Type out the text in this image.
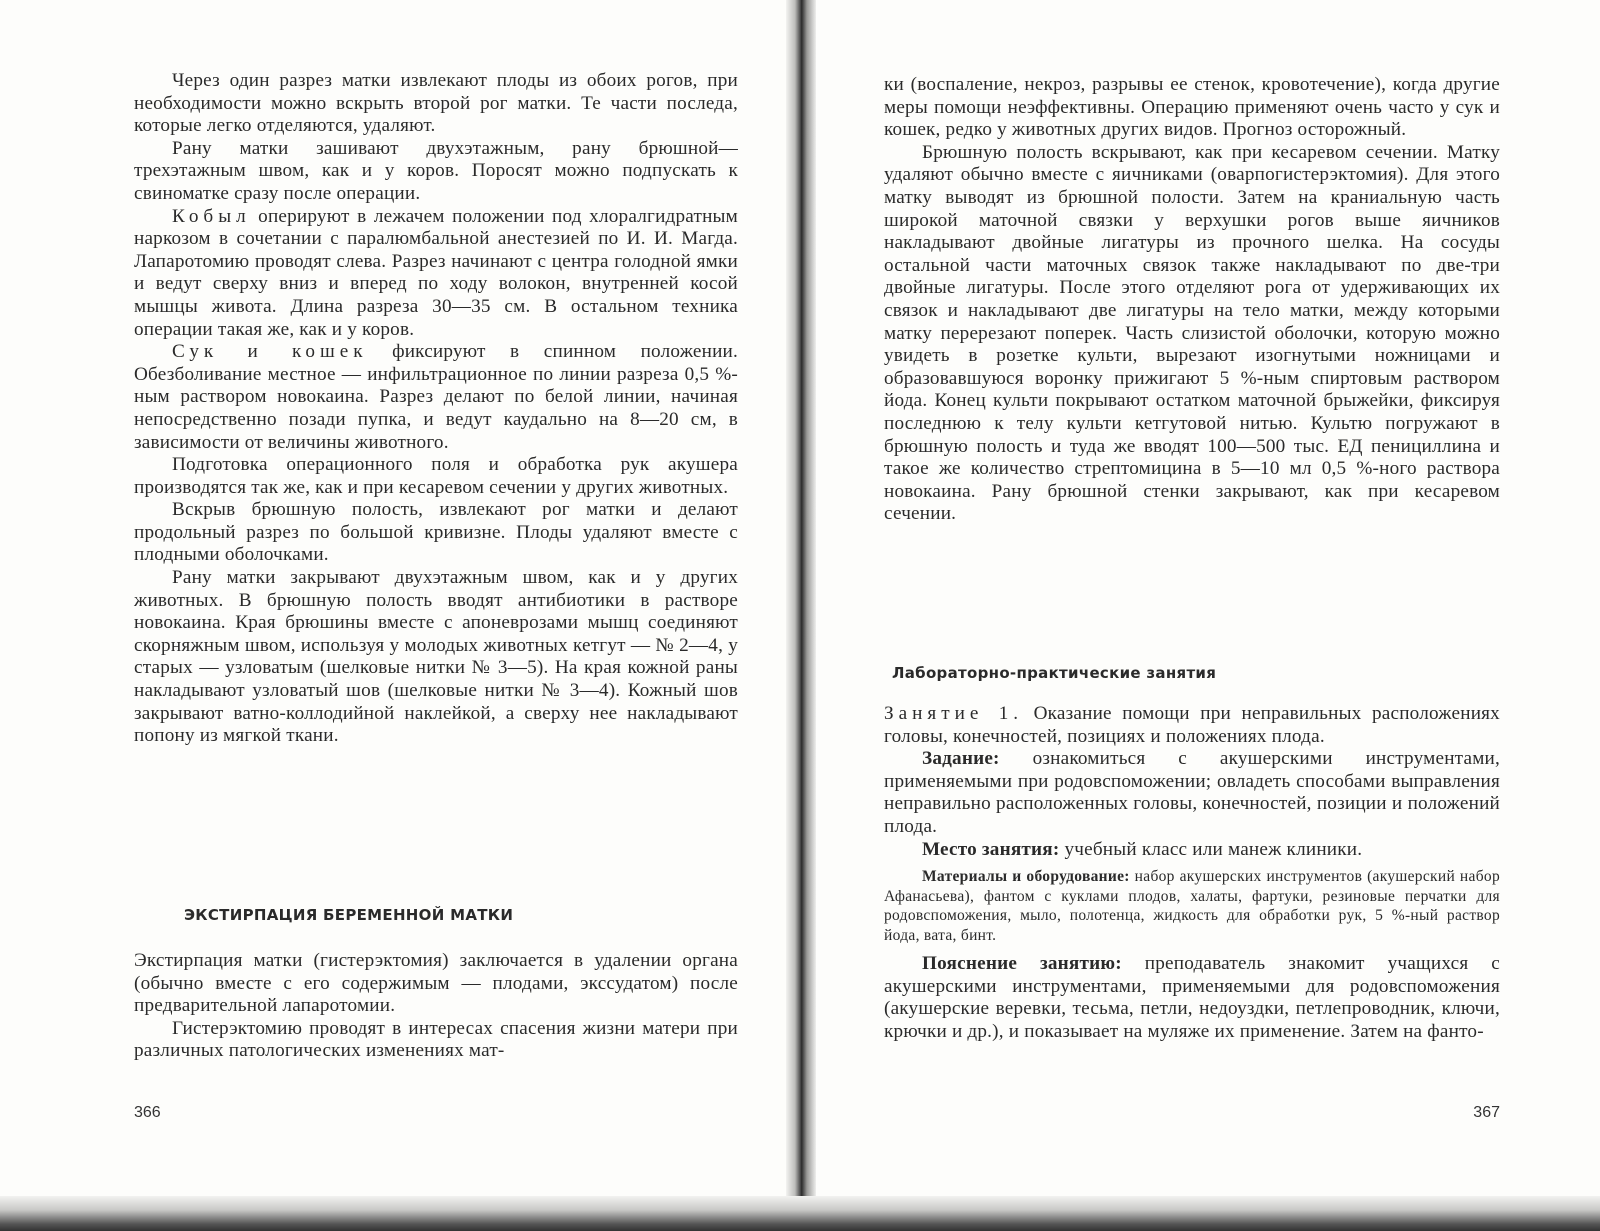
Через один разрез матки извлекают плоды из обоих рогов, при необходимости можно вскрыть второй рог матки. Те части последа, которые легко отделяются, удаляют.

Рану матки зашивают двухэтажным, рану брюшной— трехэтажным швом, как и у коров. Поросят можно подпускать к свиноматке сразу после операции.

Кобыл оперируют в лежачем положении под хлоралгидратным наркозом в сочетании с паралюмбальной анестезией по И. И. Магда. Лапаротомию проводят слева. Разрез начинают с центра голодной ямки и ведут сверху вниз и вперед по ходу волокон, внутренней косой мышцы живота. Длина разреза 30—35 см. В остальном техника операции такая же, как и у коров.

Сук и кошек фиксируют в спинном положении. Обезболивание местное — инфильтрационное по линии разреза 0,5 %-ным раствором новокаина. Разрез делают по белой линии, начиная непосредственно позади пупка, и ведут каудально на 8—20 см, в зависимости от величины животного.

Подготовка операционного поля и обработка рук акушера производятся так же, как и при кесаревом сечении у других животных.

Вскрыв брюшную полость, извлекают рог матки и делают продольный разрез по большой кривизне. Плоды удаляют вместе с плодными оболочками.

Рану матки закрывают двухэтажным швом, как и у других животных. В брюшную полость вводят антибиотики в растворе новокаина. Края брюшины вместе с апоневрозами мышц соединяют скорняжным швом, используя у молодых животных кетгут — № 2—4, у старых — узловатым (шелковые нитки № 3—5). На края кожной раны накладывают узловатый шов (шелковые нитки № 3—4). Кожный шов закрывают ватно-коллодийной наклейкой, а сверху нее накладывают попону из мягкой ткани.

ЭКСТИРПАЦИЯ БЕРЕМЕННОЙ МАТКИ

Экстирпация матки (гистерэктомия) заключается в удалении органа (обычно вместе с его содержимым — плодами, экссудатом) после предварительной лапаротомии.

Гистерэктомию проводят в интересах спасения жизни матери при различных патологических изменениях мат-

366

ки (воспаление, некроз, разрывы ее стенок, кровотечение), когда другие меры помощи неэффективны. Операцию применяют очень часто у сук и кошек, редко у животных других видов. Прогноз осторожный.

Брюшную полость вскрывают, как при кесаревом сечении. Матку удаляют обычно вместе с яичниками (оварпогистерэктомия). Для этого матку выводят из брюшной полости. Затем на краниальную часть широкой маточной связки у верхушки рогов выше яичников накладывают двойные лигатуры из прочного шелка. На сосуды остальной части маточных связок также накладывают по две-три двойные лигатуры. После этого отделяют рога от удерживающих их связок и накладывают две лигатуры на тело матки, между которыми матку перерезают поперек. Часть слизистой оболочки, которую можно увидеть в розетке культи, вырезают изогнутыми ножницами и образовавшуюся воронку прижигают 5 %-ным спиртовым раствором йода. Конец культи покрывают остатком маточной брыжейки, фиксируя последнюю к телу культи кетгутовой нитью. Культю погружают в брюшную полость и туда же вводят 100—500 тыс. ЕД пенициллина и такое же количество стрептомицина в 5—10 мл 0,5 %-ного раствора новокаина. Рану брюшной стенки закрывают, как при кесаревом сечении.

Лабораторно-практические занятия

Занятие 1. Оказание помощи при неправильных расположениях головы, конечностей, позициях и положениях плода.

Задание: ознакомиться с акушерскими инструментами, применяемыми при родовспоможении; овладеть способами выправления неправильно расположенных головы, конечностей, позиции и положений плода.

Место занятия: учебный класс или манеж клиники.

Материалы и оборудование: набор акушерских инструментов (акушерский набор Афанасьева), фантом с куклами плодов, халаты, фартуки, резиновые перчатки для родовспоможения, мыло, полотенца, жидкость для обработки рук, 5 %-ный раствор йода, вата, бинт.

Пояснение занятию: преподаватель знакомит учащихся с акушерскими инструментами, применяемыми для родовспоможения (акушерские веревки, тесьма, петли, недоуздки, петлепроводник, ключи, крючки и др.), и показывает на муляже их применение. Затем на фанто-

367
